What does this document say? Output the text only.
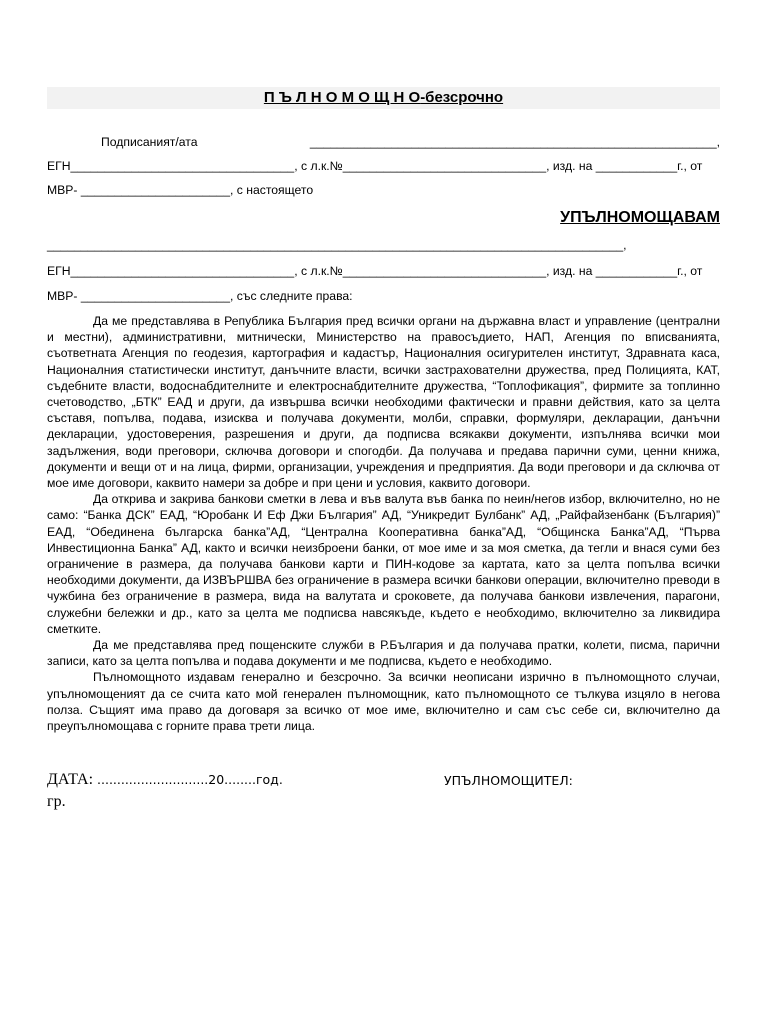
П Ъ Л Н О М О Щ Н О-безсрочно
Подписаният/ата	____________________________________________________________,
ЕГН_________________________________, с л.к.№______________________________, изд. на ____________г., от
МВР- ______________________, с настоящето
УПЪЛНОМОЩАВАМ
_____________________________________________________________________________________,
ЕГН_________________________________, с л.к.№______________________________, изд. на ____________г., от
МВР- ______________________, със следните права:

Да ме представлява в Република България пред всички органи на държавна власт и управление (централни и местни), административни, митнически, Министерство на правосъдието, НАП, Агенция по вписванията, съответната Агенция по геодезия, картография и кадастър, Националния осигурителен институт, Здравната каса, Националния статистически институт, данъчните власти, всички застрахователни дружества, пред Полицията, КАТ, съдебните власти, водоснабдителните и електроснабдителните дружества, “Топлофикация”, фирмите за топлинно счетоводство, „БТК” ЕАД и други, да извършва всички необходими фактически и правни действия, като за целта съставя, попълва, подава, изисква и получава документи, молби, справки, формуляри, декларации, данъчни декларации, удостоверения, разрешения и други, да подписва всякакви документи, изпълнява всички мои задължения, води преговори, сключва договори и спогодби. Да получава и предава парични суми, ценни книжа, документи и вещи от и на лица, фирми, организации, учреждения и предприятия. Да води преговори и да сключва от мое име договори, каквито намери за добре и при цени и условия, каквито договори.

Да открива и закрива банкови сметки в лева и във валута във банка по неин/негов избор, включително, но не само: “Банка ДСК” ЕАД, “Юробанк И Еф Джи България” АД, “Уникредит Булбанк” АД, „Райфайзенбанк (България)” ЕАД, “Обединена българска банка”АД, “Централна Кооперативна банка”АД, “Общинска Банка”АД, “Първа Инвестиционна Банка” АД, както и всички неизброени банки, от мое име и за моя сметка, да тегли и внася суми без ограничение в размера, да получава банкови карти и ПИН-кодове за картата, като за целта попълва всички необходими документи, да ИЗВЪРШВА без ограничение в размера всички банкови операции, включително преводи в чужбина без ограничение в размера, вида на валутата и сроковете, да получава банкови извлечения, парагони, служебни бележки и др., като за целта ме подписва навсякъде, където е необходимо, включително за ликвидира сметките.

Да ме представлява пред пощенските служби в Р.България и да получава пратки, колети, писма, парични записи, като за целта попълва и подава документи и ме подписва, където е необходимо.

Пълномощното издавам генерално и безсрочно. За всички неописани изрично в пълномощното случаи, упълномощеният да се счита като мой генерален пълномощник, като пълномощното се тълкува изцяло в негова полза. Същият има право да договаря за всичко от мое име, включително и сам със себе си, включително да преупълномощава с горните права трети лица.

ДАТА: ............................20........год.	УПЪЛНОМОЩИТЕЛ:
гр.
